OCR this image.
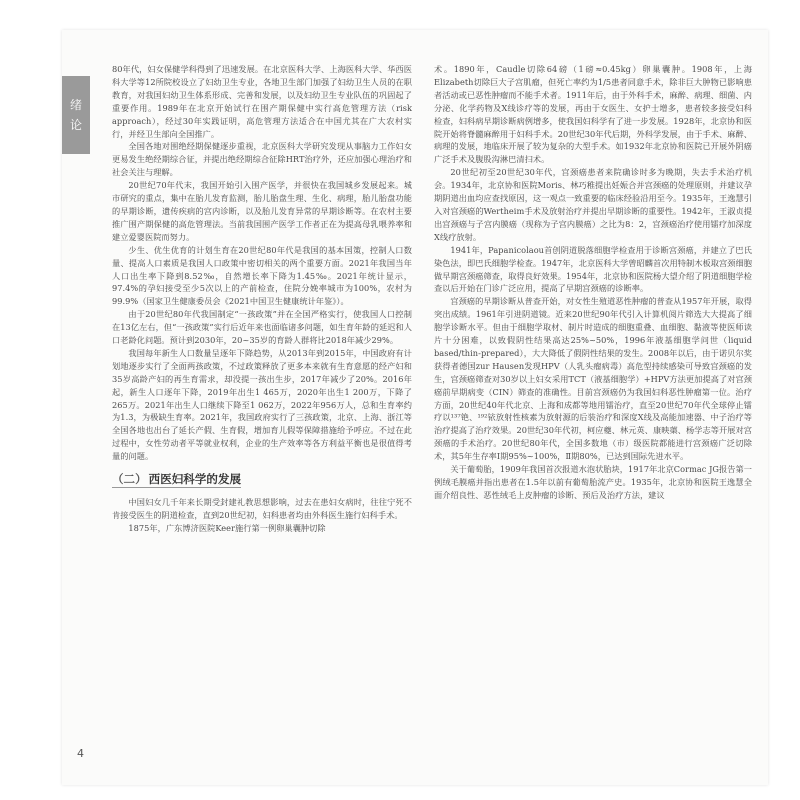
绪
论

80年代，妇女保健学科得到了迅速发展。在北京医科大学、上海医科大学、华西医科大学等12所院校设立了妇幼卫生专业，各地卫生部门加强了妇幼卫生人员的在职教育，对我国妇幼卫生体系形成、完善和发展，以及妇幼卫生专业队伍的巩固起了重要作用。1989年在北京开始试行在围产期保健中实行高危管理方法（risk approach），经过30年实践证明，高危管理方法适合在中国尤其在广大农村实行，并经卫生部向全国推广。

全国各地对围绝经期保健逐步重视，北京医科大学研究发现从事脑力工作妇女更易发生绝经期综合征，并提出绝经期综合征除HRT治疗外，还应加强心理治疗和社会关注与理解。

20世纪70年代末，我国开始引入围产医学，并很快在我国城乡发展起来。城市研究的重点，集中在胎儿发育监测，胎儿胎盘生理、生化、病理，胎儿胎盘功能的早期诊断，遗传疾病的宫内诊断，以及胎儿发育异常的早期诊断等。在农村主要推广围产期保健的高危管理法。当前我国围产医学工作者正在为提高母乳喂养率和建立爱婴医院而努力。

少生、优生优育的计划生育在20世纪80年代是我国的基本国策，控制人口数量、提高人口素质是我国人口政策中密切相关的两个重要方面。2021年我国当年人口出生率下降到8.52‰，自然增长率下降为1.45‰。2021年统计显示，97.4%的孕妇接受至少5次以上的产前检查，住院分娩率城市为100%，农村为99.9%（国家卫生健康委员会《2021中国卫生健康统计年鉴》）。

由于20世纪80年代我国制定“一孩政策”并在全国严格实行，使我国人口控制在13亿左右，但“一孩政策”实行后近年来也面临诸多问题，如生育年龄的延迟和人口老龄化问题。预计到2030年，20~35岁的育龄人群将比2018年减少29%。

我国每年新生人口数量呈逐年下降趋势，从2013年到2015年，中国政府有计划地逐步实行了全面两孩政策，不过政策释放了更多本来就有生育意愿的经产妇和35岁高龄产妇的再生育需求，却没提一孩出生步，2017年减少了20%。2016年起，新生人口逐年下降，2019年出生1 465万，2020年出生1 200万，下降了265万。2021年出生人口继续下降至1 062万，2022年956万人，总和生育率约为1.3，为极缺生育率。2021年，我国政府实行了三孩政策，北京、上海、浙江等全国各地也出台了延长产假、生育假，增加育儿假等保障措施给予呼应。不过在此过程中，女性劳动者平等就业权利，企业的生产效率等各方利益平衡也是很值得考量的问题。

（二） 西医妇科学的发展

中国妇女几千年来长期受封建礼教思想影响，过去在患妇女病时，往往宁死不肯接受医生的阴道检查，直到20世纪初，妇科患者均由外科医生施行妇科手术。

1875年，广东博济医院Keer施行第一例卵巢囊肿切除

术。1890年，Caudle切除64磅（1磅≈0.45kg）卵巢囊肿。1908年，上海Elizabeth切除巨大子宫肌瘤，但死亡率约为1/5患者同意手术，除非巨大肿物已影响患者活动或已恶性肿瘤而不能手术者。1911年后，由于外科手术，麻醉、病理、细菌、内分泌、化学药物及X线诊疗等的发展，再由于女医生、女护士增多，患者较多接受妇科检查，妇科病早期诊断病例增多，使我国妇科学有了进一步发展。1928年，北京协和医院开始将脊髓麻醉用于妇科手术。20世纪30年代后期，外科学发展，由于手术、麻醉、病理的发展，地临床开展了较为复杂的大型手术。如1932年北京协和医院已开展外阴癌广泛手术及腹股沟淋巴清扫术。

20世纪初至20世纪30年代，宫颈癌患者来院确诊时多为晚期，失去手术治疗机会。1934年，北京协和医院Moris、林巧稚提出妊娠合并宫颈癌的处理原则，并建议孕期阴道出血均应查找原因，这一观点一致重要的临床经验沿用至今。1935年，王逸慧引入对宫颈癌的Wertheim手术及放射治疗并提出早期诊断的重要性。1942年，王淑贞提出宫颈癌与子宫内膜癌（现称为子宫内膜癌）之比为8：2，宫颈癌治疗使用镭疗加深度X线疗放射。

1941年，Papanicolaou首创阴道脱落细胞学检查用于诊断宫颈癌，并建立了巴氏染色法，即巴氏细胞学检查。1947年，北京医科大学曾昭麟首次用特制木板取宫颈细胞做早期宫颈癌筛查，取得良好效果。1954年，北京协和医院杨大望介绍了阴道细胞学检查以后开始在门诊广泛应用，提高了早期宫颈癌的诊断率。

宫颈癌的早期诊断从普查开始，对女性生殖道恶性肿瘤的普查从1957年开展，取得突出成绩。1961年引进阴道镜。近来20世纪90年代引入计算机阅片筛选大大提高了细胞学诊断水平。但由于细胞学取材、制片时造成的细胞重叠、血细胞、黏液等使医师读片十分困难，以致假阴性结果高达25%~50%，1996年液基细胞学问世（liquid based/thin-prepared），大大降低了假阴性结果的发生。2008年以后，由于诺贝尔奖获得者德国zur Hausen发现HPV（人乳头瘤病毒）高危型持续感染可导致宫颈癌的发生，宫颈癌筛查对30岁以上妇女采用TCT（液基细胞学）+HPV方法更加提高了对宫颈癌前早期病变（CIN）筛查的准确性。目前宫颈癌仍为我国妇科恶性肿瘤第一位。治疗方面，20世纪40年代北京、上海和成都等地用镭治疗，直至20世纪70年代全球停止镭疗以¹³⁷铯、¹⁹²铱放射性核素为放射源的后装治疗和深度X线及高能加速器、中子治疗等治疗提高了治疗效果。20世纪30年代初，柯应夔、林元英、康映蕖、杨学志等开展对宫颈癌的手术治疗。20世纪80年代，全国多数地（市）级医院都能进行宫颈癌广泛切除术，其5年生存率Ⅰ期95%~100%，Ⅱ期80%，已达到国际先进水平。

关于葡萄胎，1909年我国首次报道水泡状胎块，1917年北京Cormac JG报告第一例绒毛膜癌并指出患者在1.5年以前有葡萄胎流产史。1935年，北京协和医院王逸慧全面介绍良性、恶性绒毛上皮肿瘤的诊断、预后及治疗方法，建议

4
